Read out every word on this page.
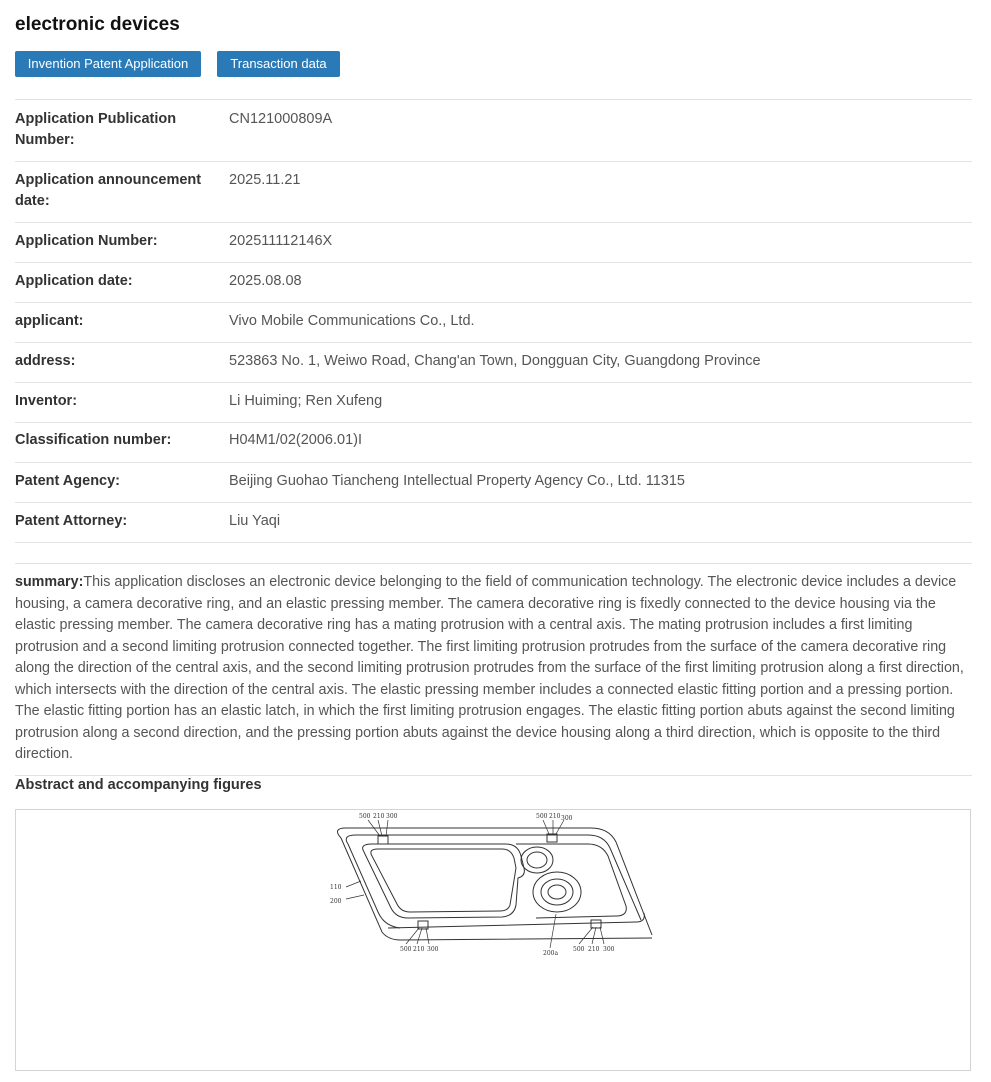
electronic devices
Invention Patent Application	Transaction data
Application Publication Number:
CN121000809A
Application announcement date:
2025.11.21
Application Number:	202511112146X
Application date:	2025.08.08
applicant:	Vivo Mobile Communications Co., Ltd.
address:	523863 No. 1, Weiwo Road, Chang'an Town, Dongguan City, Guangdong Province
Inventor:	Li Huiming; Ren Xufeng
Classification number:	H04M1/02(2006.01)I
Patent Agency:	Beijing Guohao Tiancheng Intellectual Property Agency Co., Ltd. 11315
Patent Attorney:	Liu Yaqi
summary:This application discloses an electronic device belonging to the field of communication technology. The electronic device includes a device housing, a camera decorative ring, and an elastic pressing member. The camera decorative ring is fixedly connected to the device housing via the elastic pressing member. The camera decorative ring has a mating protrusion with a central axis. The mating protrusion includes a first limiting protrusion and a second limiting protrusion connected together. The first limiting protrusion protrudes from the surface of the camera decorative ring along the direction of the central axis, and the second limiting protrusion protrudes from the surface of the first limiting protrusion along a first direction, which intersects with the direction of the central axis. The elastic pressing member includes a connected elastic fitting portion and a pressing portion. The elastic fitting portion has an elastic latch, in which the first limiting protrusion engages. The elastic fitting portion abuts against the second limiting protrusion along a second direction, and the pressing portion abuts against the device housing along a third direction, which is opposite to the third direction.
Abstract and accompanying figures
500 210 300	500 210 300
500 210 300	500 210 300
110
200
200a
